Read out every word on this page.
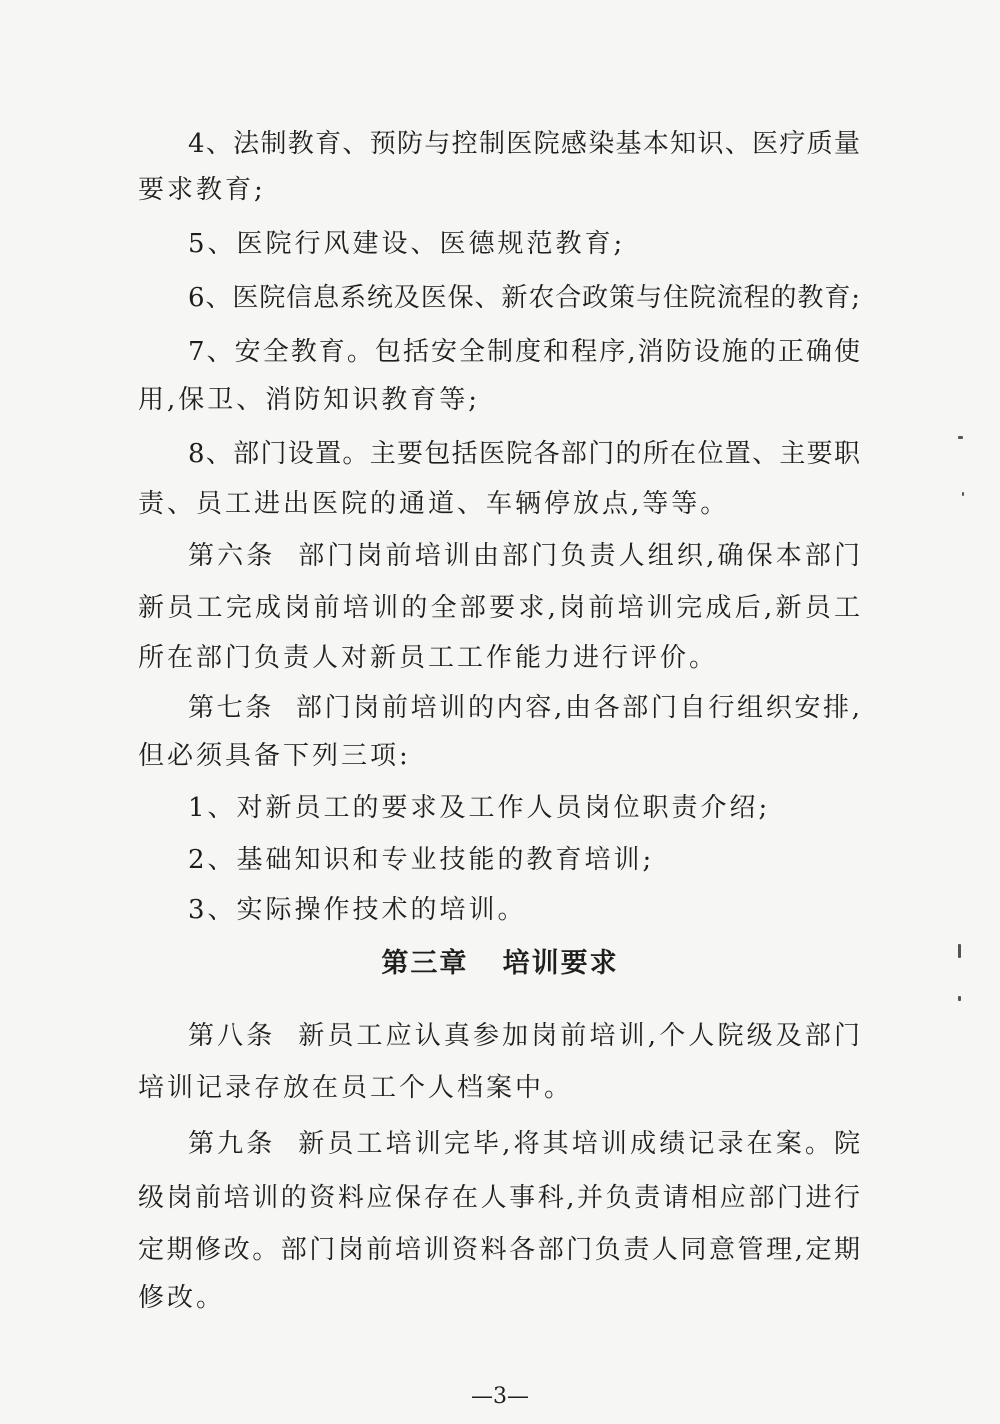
4、法制教育、预防与控制医院感染基本知识、医疗质量
要求教育;
5、医院行风建设、医德规范教育;
6、医院信息系统及医保、新农合政策与住院流程的教育;
7、安全教育。包括安全制度和程序,消防设施的正确使
用,保卫、消防知识教育等;
8、部门设置。主要包括医院各部门的所在位置、主要职
责、员工进出医院的通道、车辆停放点,等等。
第六条  部门岗前培训由部门负责人组织,确保本部门
新员工完成岗前培训的全部要求,岗前培训完成后,新员工
所在部门负责人对新员工工作能力进行评价。
第七条  部门岗前培训的内容,由各部门自行组织安排,
但必须具备下列三项:
1、对新员工的要求及工作人员岗位职责介绍;
2、基础知识和专业技能的教育培训;
3、实际操作技术的培训。
第三章   培训要求
第八条  新员工应认真参加岗前培训,个人院级及部门
培训记录存放在员工个人档案中。
第九条  新员工培训完毕,将其培训成绩记录在案。院
级岗前培训的资料应保存在人事科,并负责请相应部门进行
定期修改。部门岗前培训资料各部门负责人同意管理,定期
修改。
—3—
